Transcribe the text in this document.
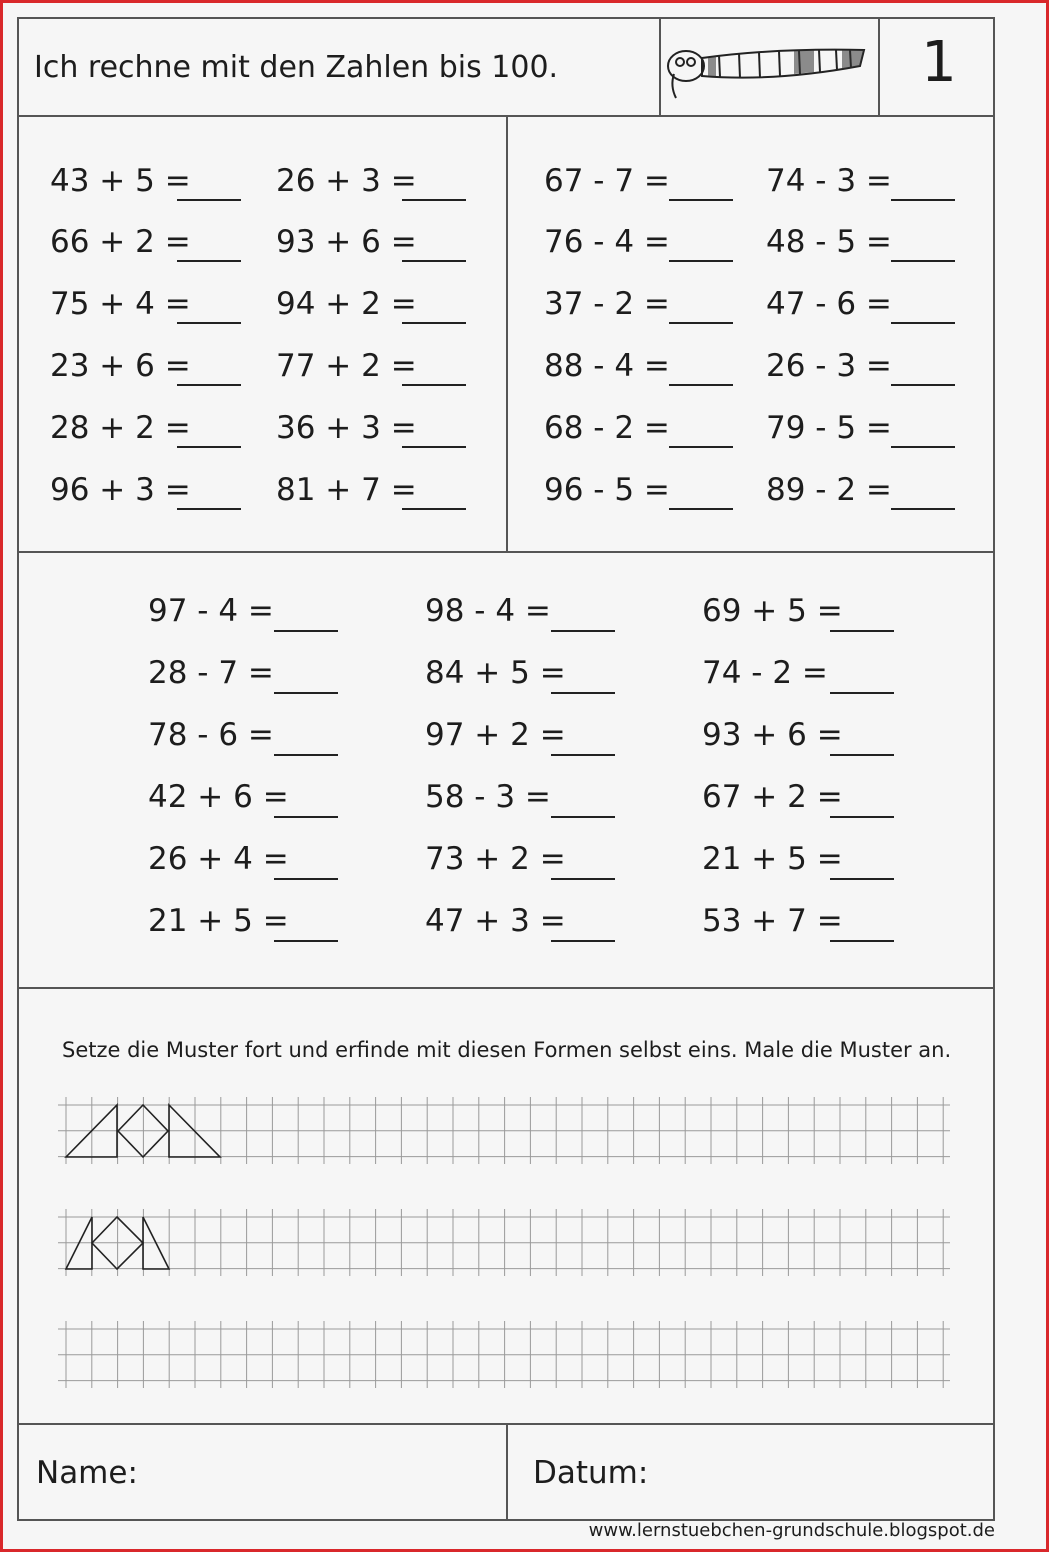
Ich rechne mit den Zahlen bis 100.	1
43 + 5 =
66 + 2 =
75 + 4 =
23 + 6 =
28 + 2 =
96 + 3 =
26 + 3 =
93 + 6 =
94 + 2 =
77 + 2 =
36 + 3 =
81 + 7 =
67 - 7 =
76 - 4 =
37 - 2 =
88 - 4 =
68 - 2 =
96 - 5 =
74 - 3 =
48 - 5 =
47 - 6 =
26 - 3 =
79 - 5 =
89 - 2 =
97 - 4 =
28 - 7 =
78 - 6 =
42 + 6 =
26 + 4 =
21 + 5 =
98 - 4 =
84 + 5 =
97 + 2 =
58 - 3 =
73 + 2 =
47 + 3 =
69 + 5 =
74 - 2 =
93 + 6 =
67 + 2 =
21 + 5 =
53 + 7 =
Setze die Muster fort und erfinde mit diesen Formen selbst eins. Male die Muster an.
Name:	Datum:
www.lernstuebchen-grundschule.blogspot.de
